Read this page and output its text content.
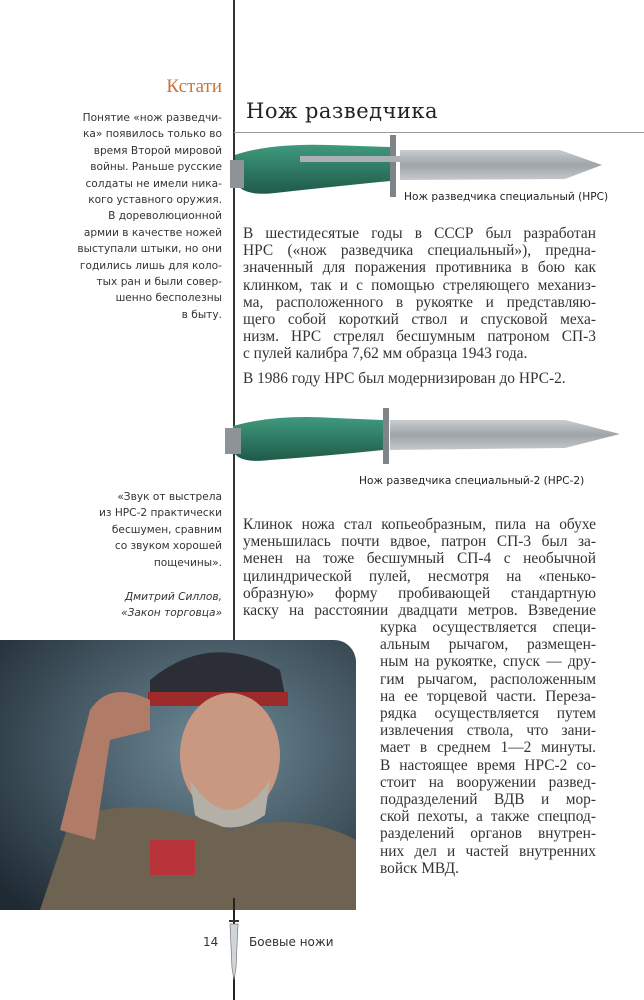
Кстати
Понятие «нож разведчи-
ка» появилось только во
время Второй мировой
войны. Раньше русские
солдаты не имели ника-
кого уставного оружия.
В дореволюционной
армии в качестве ножей
выступали штыки, но они
годились лишь для коло-
тых ран и были совер-
шенно бесполезны
в быту.
«Звук от выстрела
из НРС-2 практически
бесшумен, сравним
со звуком хорошей
пощечины».
Дмитрий Силлов,
«Закон торговца»
Нож разведчика
Нож разведчика специальный (НРС)
В шестидесятые годы в СССР был разработан
НРС («нож разведчика специальный»), предна-
значенный для поражения противника в бою как
клинком, так и с помощью стреляющего механиз-
ма, расположенного в рукоятке и представляю-
щего собой короткий ствол и спусковой меха-
низм. НРС стрелял бесшумным патроном СП-3
с пулей калибра 7,62 мм образца 1943 года.
В 1986 году НРС был модернизирован до НРС-2.
Нож разведчика специальный-2 (НРС-2)
Клинок ножа стал копьеобразным, пила на обухе
уменьшилась почти вдвое, патрон СП-3 был за-
менен на тоже бесшумный СП-4 с необычной
цилиндрической пулей, несмотря на «пенько-
образную» форму пробивающей стандартную
каску на расстоянии двадцати метров. Взведение
курка осуществляется специ-
альным рычагом, размещен-
ным на рукоятке, спуск — дру-
гим рычагом, расположенным
на ее торцевой части. Переза-
рядка осуществляется путем
извлечения ствола, что зани-
мает в среднем 1—2 минуты.
В настоящее время НРС-2 со-
стоит на вооружении развед-
подразделений ВДВ и мор-
ской пехоты, а также спецпод-
разделений органов внутрен-
них дел и частей внутренних
войск МВД.
14	Боевые ножи
